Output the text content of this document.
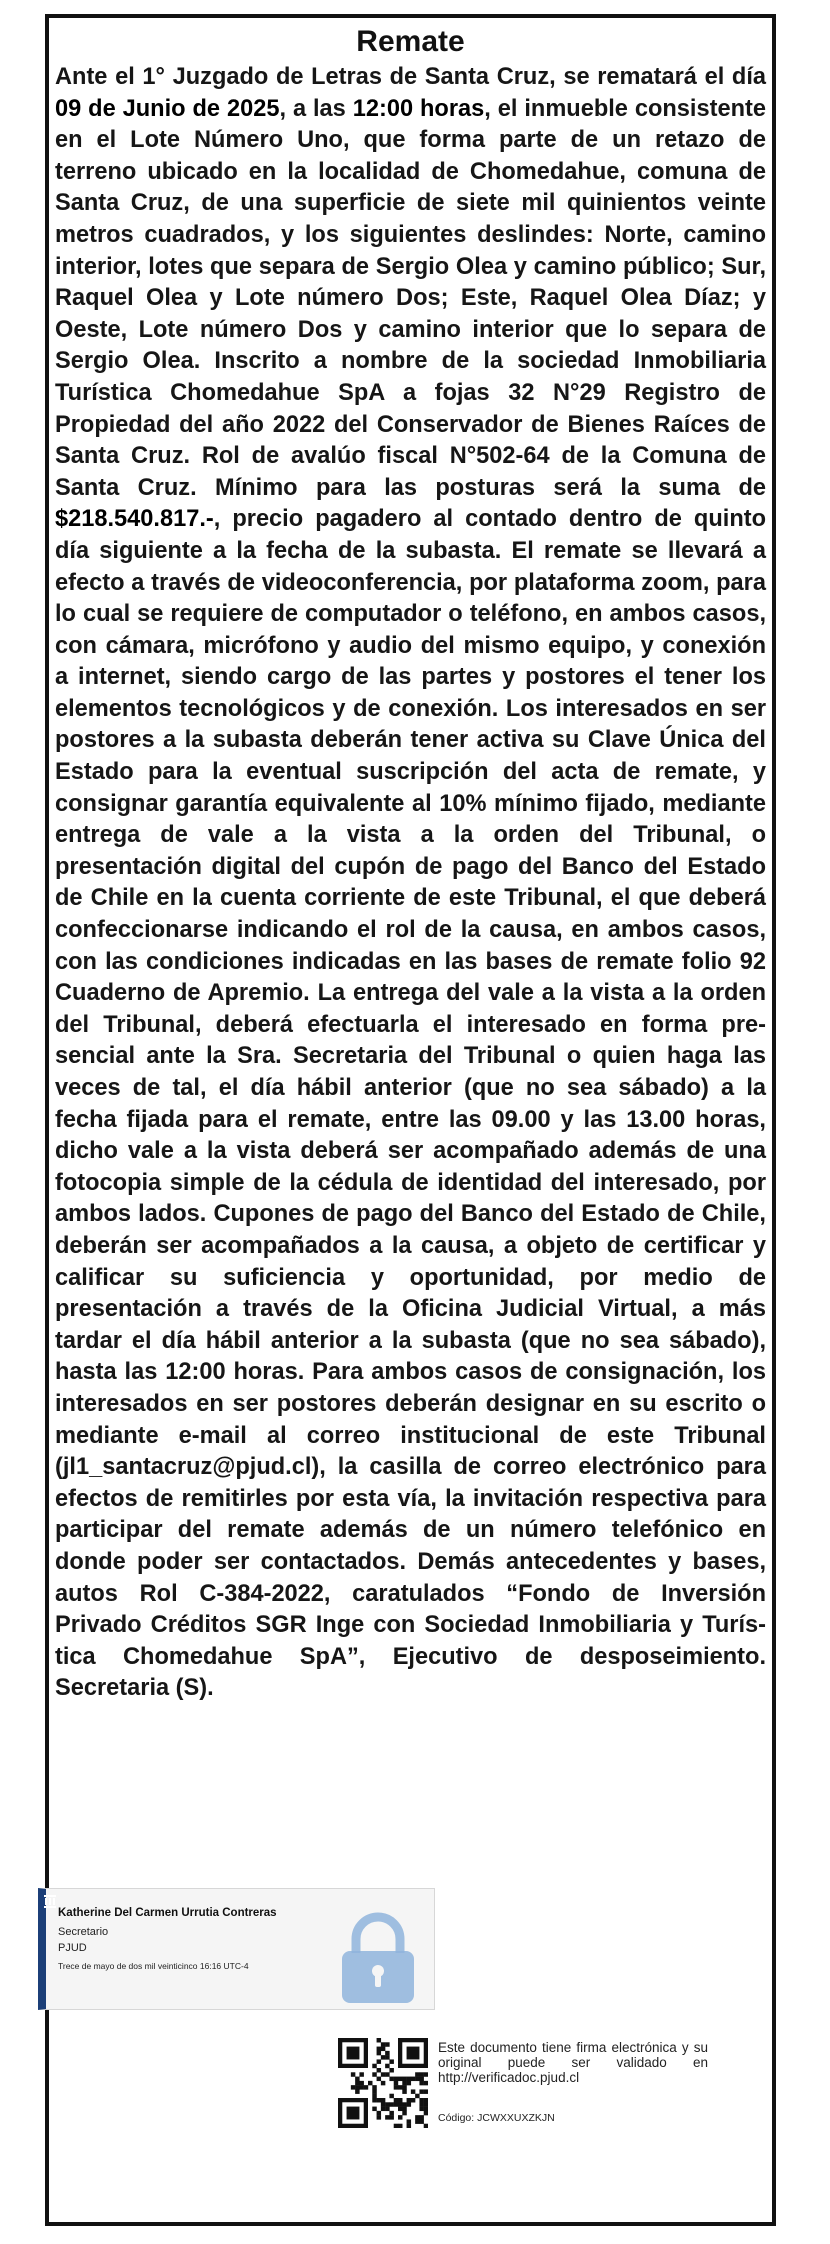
Remate
Ante el 1° Juzgado de Letras de Santa Cruz, se rematará el día 09 de Junio de 2025, a las 12:00 horas, el inmueble consistente en el Lote Número Uno, que forma parte de un retazo de terreno ubicado en la localidad de Chomedahue, comuna de Santa Cruz, de una superficie de siete mil quinientos veinte metros cuadrados, y los siguientes deslindes: Norte, camino interior, lotes que separa de Sergio Olea y camino público; Sur, Raquel Olea y Lote número Dos; Este, Raquel Olea Díaz; y Oeste, Lote número Dos y camino interior que lo separa de Sergio Olea. Inscrito a nombre de la sociedad Inmobiliaria Turística Chomedahue SpA a fojas 32 N°29 Registro de Propiedad del año 2022 del Conservador de Bienes Raíces de Santa Cruz. Rol de avalúo fiscal N°502-64 de la Comuna de Santa Cruz. Mínimo para las posturas será la suma de $218.540.817.-, precio pagadero al contado dentro de quinto día siguiente a la fecha de la subasta. El remate se llevará a efecto a través de videoconferencia, por plataforma zoom, para lo cual se requiere de computador o teléfono, en ambos casos, con cámara, micrófono y audio del mismo equipo, y conexión a internet, siendo cargo de las partes y postores el tener los elementos tecnológicos y de conexión. Los interesados en ser postores a la subasta deberán tener activa su Clave Única del Estado para la eventual suscripción del acta de remate, y consignar garantía equivalente al 10% mínimo fijado, mediante entrega de vale a la vista a la orden del Tribunal, o presentación digital del cupón de pago del Banco del Estado de Chile en la cuenta corriente de este Tribunal, el que deberá confeccionarse indicando el rol de la causa, en ambos casos, con las condiciones indicadas en las bases de remate folio 92 Cuaderno de Apremio. La entrega del vale a la vista a la orden del Tribunal, deberá efectuarla el interesado en forma presencial ante la Sra. Secretaria del Tribunal o quien haga las veces de tal, el día hábil anterior (que no sea sábado) a la fecha fijada para el remate, entre las 09.00 y las 13.00 horas, dicho vale a la vista deberá ser acompañado además de una fotocopia simple de la cédula de identidad del interesado, por ambos lados. Cupones de pago del Banco del Estado de Chile, deberán ser acompañados a la causa, a objeto de certificar y calificar su suficiencia y oportunidad, por medio de presentación a través de la Oficina Judicial Virtual, a más tardar el día hábil anterior a la subasta (que no sea sábado), hasta las 12:00 horas. Para ambos casos de consignación, los interesados en ser postores deberán designar en su escrito o mediante e-mail al correo institucional de este Tribunal (jl1_santacruz@pjud.cl), la casilla de correo electrónico para efectos de remitirles por esta vía, la invitación respectiva para participar del remate además de un número telefónico en donde poder ser contactados. Demás antecedentes y bases, autos Rol C-384-2022, caratulados “Fondo de Inversión Privado Créditos SGR Inge con Sociedad Inmobiliaria y Turística Chomedahue SpA”, Ejecutivo de desposeimiento. Secretaria (S).
Katherine Del Carmen Urrutia Contreras
Secretario
PJUD
Trece de mayo de dos mil veinticinco 16:16 UTC-4
Este documento tiene firma electrónica y su original puede ser validado en http://verificadoc.pjud.cl
Código: JCWXXUXZKJN
